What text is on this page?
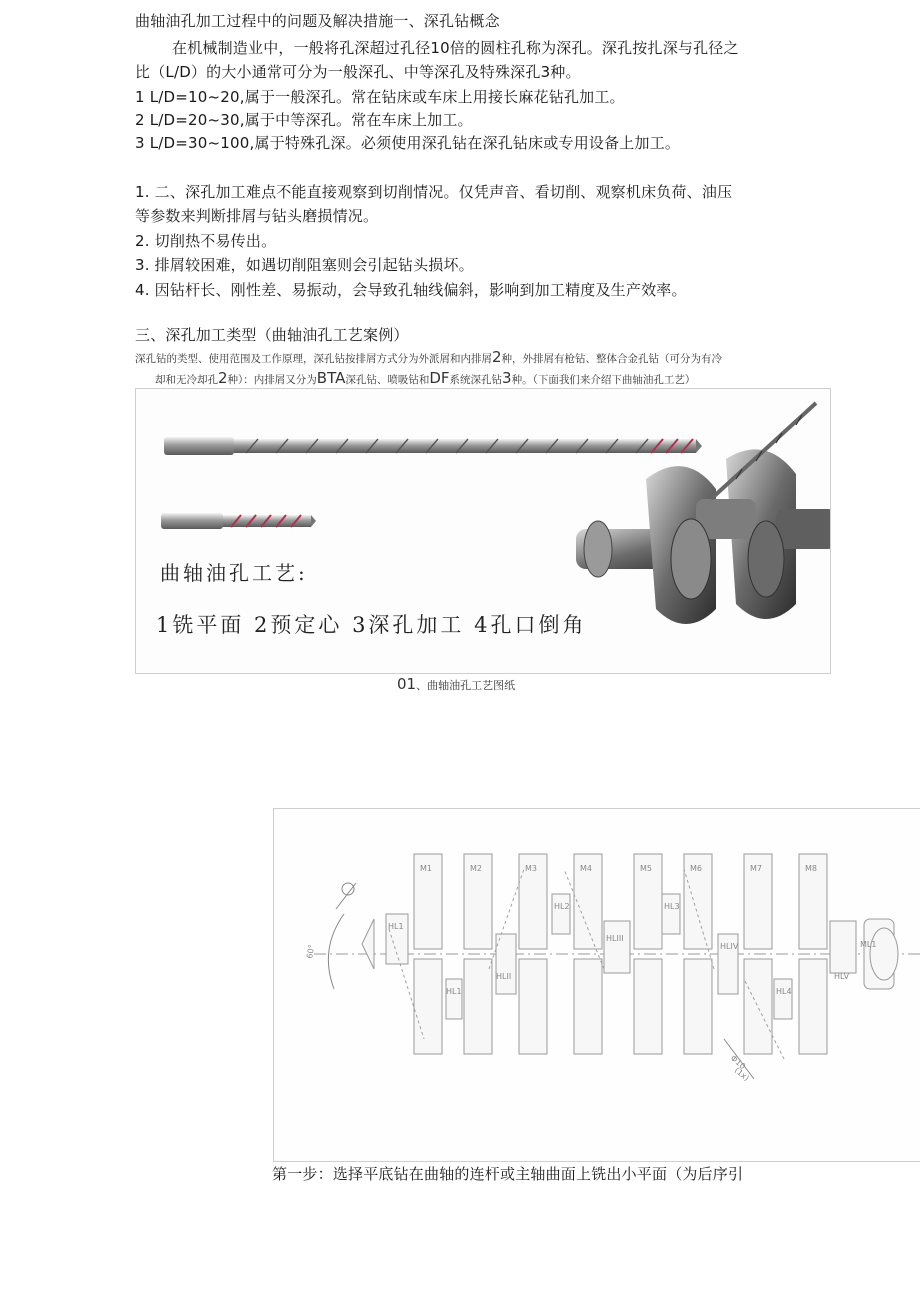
曲轴油孔加工过程中的问题及解决措施一、深孔钻概念
在机械制造业中，一般将孔深超过孔径10倍的圆柱孔称为深孔。深孔按扎深与孔径之
比（L/D）的大小通常可分为一般深孔、中等深孔及特殊深孔3种。
1 L/D=10~20,属于一般深孔。常在钻床或车床上用接长麻花钻孔加工。
2 L/D=20~30,属于中等深孔。常在车床上加工。
3 L/D=30~100,属于特殊孔深。必须使用深孔钻在深孔钻床或专用设备上加工。
1. 二、深孔加工难点不能直接观察到切削情况。仅凭声音、看切削、观察机床负荷、油压
等参数来判断排屑与钻头磨损情况。
2. 切削热不易传出。
3. 排屑较困难，如遇切削阻塞则会引起钻头损坏。
4. 因钻杆长、刚性差、易振动，会导致孔轴线偏斜，影响到加工精度及生产效率。
三、深孔加工类型（曲轴油孔工艺案例）
深孔钻的类型、使用范围及工作原理，深孔钻按排屑方式分为外派屑和内排屑2种，外排屑有枪钻、整体合金孔钻（可分为有冷
却和无冷却孔2种）：内排屑又分为BTA深孔钻、喷吸钻和DF系统深孔钻3种。（下面我们来介绍下曲轴油孔工艺）
曲轴油孔工艺:
1铣平面 2预定心 3深孔加工 4孔口倒角
01、曲轴油孔工艺图纸
M1	M2	M3	M4	M5	M6	M7	M8
HL1
HL2	HL3
HL4
HL1
HLII
HLIII
HLIV
HLV
ML1
60°
Φ10
(1x)
第一步：选择平底钻在曲轴的连杆或主轴曲面上铣出小平面（为后序引
